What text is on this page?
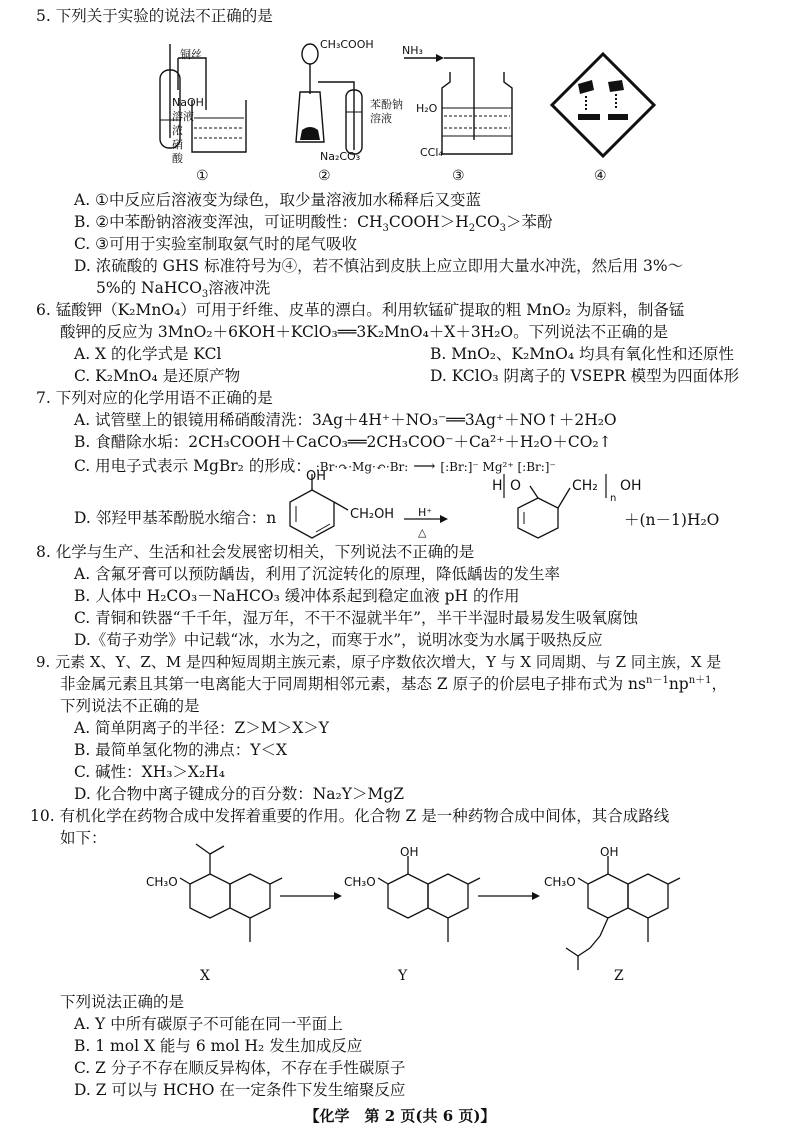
5. 下列关于实验的说法不正确的是
铜丝
NaOH
溶液
浓
硝
酸
①
CH₃COOH
苯酚钠
溶液
Na₂CO₃
②
NH₃
H₂O
CCl₄
③	④
A. ①中反应后溶液变为绿色，取少量溶液加水稀释后又变蓝
B. ②中苯酚钠溶液变浑浊，可证明酸性：$CH_3COOH>H_2CO_3>$苯酚
C. ③可用于实验室制取氨气时的尾气吸收
D. 浓硫酸的 GHS 标准符号为④，若不慎沾到皮肤上应立即用大量水冲洗，然后用 3%～
5%的 NaHCO$_3$溶液冲洗
6. 锰酸钾（K₂MnO₄）可用于纤维、皮革的漂白。利用软锰矿提取的粗 MnO₂ 为原料，制备锰
酸钾的反应为 3MnO₂＋6KOH＋KClO₃══3K₂MnO₄＋X＋3H₂O。下列说法不正确的是
A. X 的化学式是 KCl	B. MnO₂、K₂MnO₄ 均具有氧化性和还原性
C. K₂MnO₄ 是还原产物	D. KClO₃ 阴离子的 VSEPR 模型为四面体形
7. 下列对应的化学用语不正确的是
A. 试管壁上的银镜用稀硝酸清洗：3Ag＋4H⁺＋NO₃⁻══3Ag⁺＋NO↑＋2H₂O
B. 食醋除水垢：2CH₃COOH＋CaCO₃══2CH₃COO⁻＋Ca²⁺＋H₂O＋CO₂↑
C. 用电子式表示 MgBr₂ 的形成： :Br·↷·Mg·↶·Br: ⟶ [:Br:]⁻ Mg²⁺ [:Br:]⁻
D. 邻羟甲基苯酚脱水缩合：n
OH
CH₂OH H⁺
△
H O	CH₂
n
OH
＋(n－1)H₂O
8. 化学与生产、生活和社会发展密切相关，下列说法不正确的是
A. 含氟牙膏可以预防龋齿，利用了沉淀转化的原理，降低龋齿的发生率
B. 人体中 H₂CO₃－NaHCO₃ 缓冲体系起到稳定血液 pH 的作用
C. 青铜和铁器“千千年，湿万年，不干不湿就半年”，半干半湿时最易发生吸氧腐蚀
D.《荀子劝学》中记载“冰，水为之，而寒于水”，说明冰变为水属于吸热反应
9. 元素 X、Y、Z、M 是四种短周期主族元素，原子序数依次增大，Y 与 X 同周期、与 Z 同主族，X 是
非金属元素且其第一电离能大于同周期相邻元素，基态 Z 原子的价层电子排布式为 $ns^{n-1}np^{n+1}$，
下列说法不正确的是
A. 简单阴离子的半径：Z＞M＞X＞Y
B. 最简单氢化物的沸点：Y＜X
C. 碱性：XH₃＞X₂H₄
D. 化合物中离子键成分的百分数：Na₂Y＞MgZ
10. 有机化学在药物合成中发挥着重要的作用。化合物 Z 是一种药物合成中间体，其合成路线
如下：
CH₃O
X
OH
CH₃O
Y
OH
CH₃O
Z
下列说法正确的是
A. Y 中所有碳原子不可能在同一平面上
B. 1 mol X 能与 6 mol H₂ 发生加成反应
C. Z 分子不存在顺反异构体，不存在手性碳原子
D. Z 可以与 HCHO 在一定条件下发生缩聚反应
【化学　第 2 页(共 6 页)】
